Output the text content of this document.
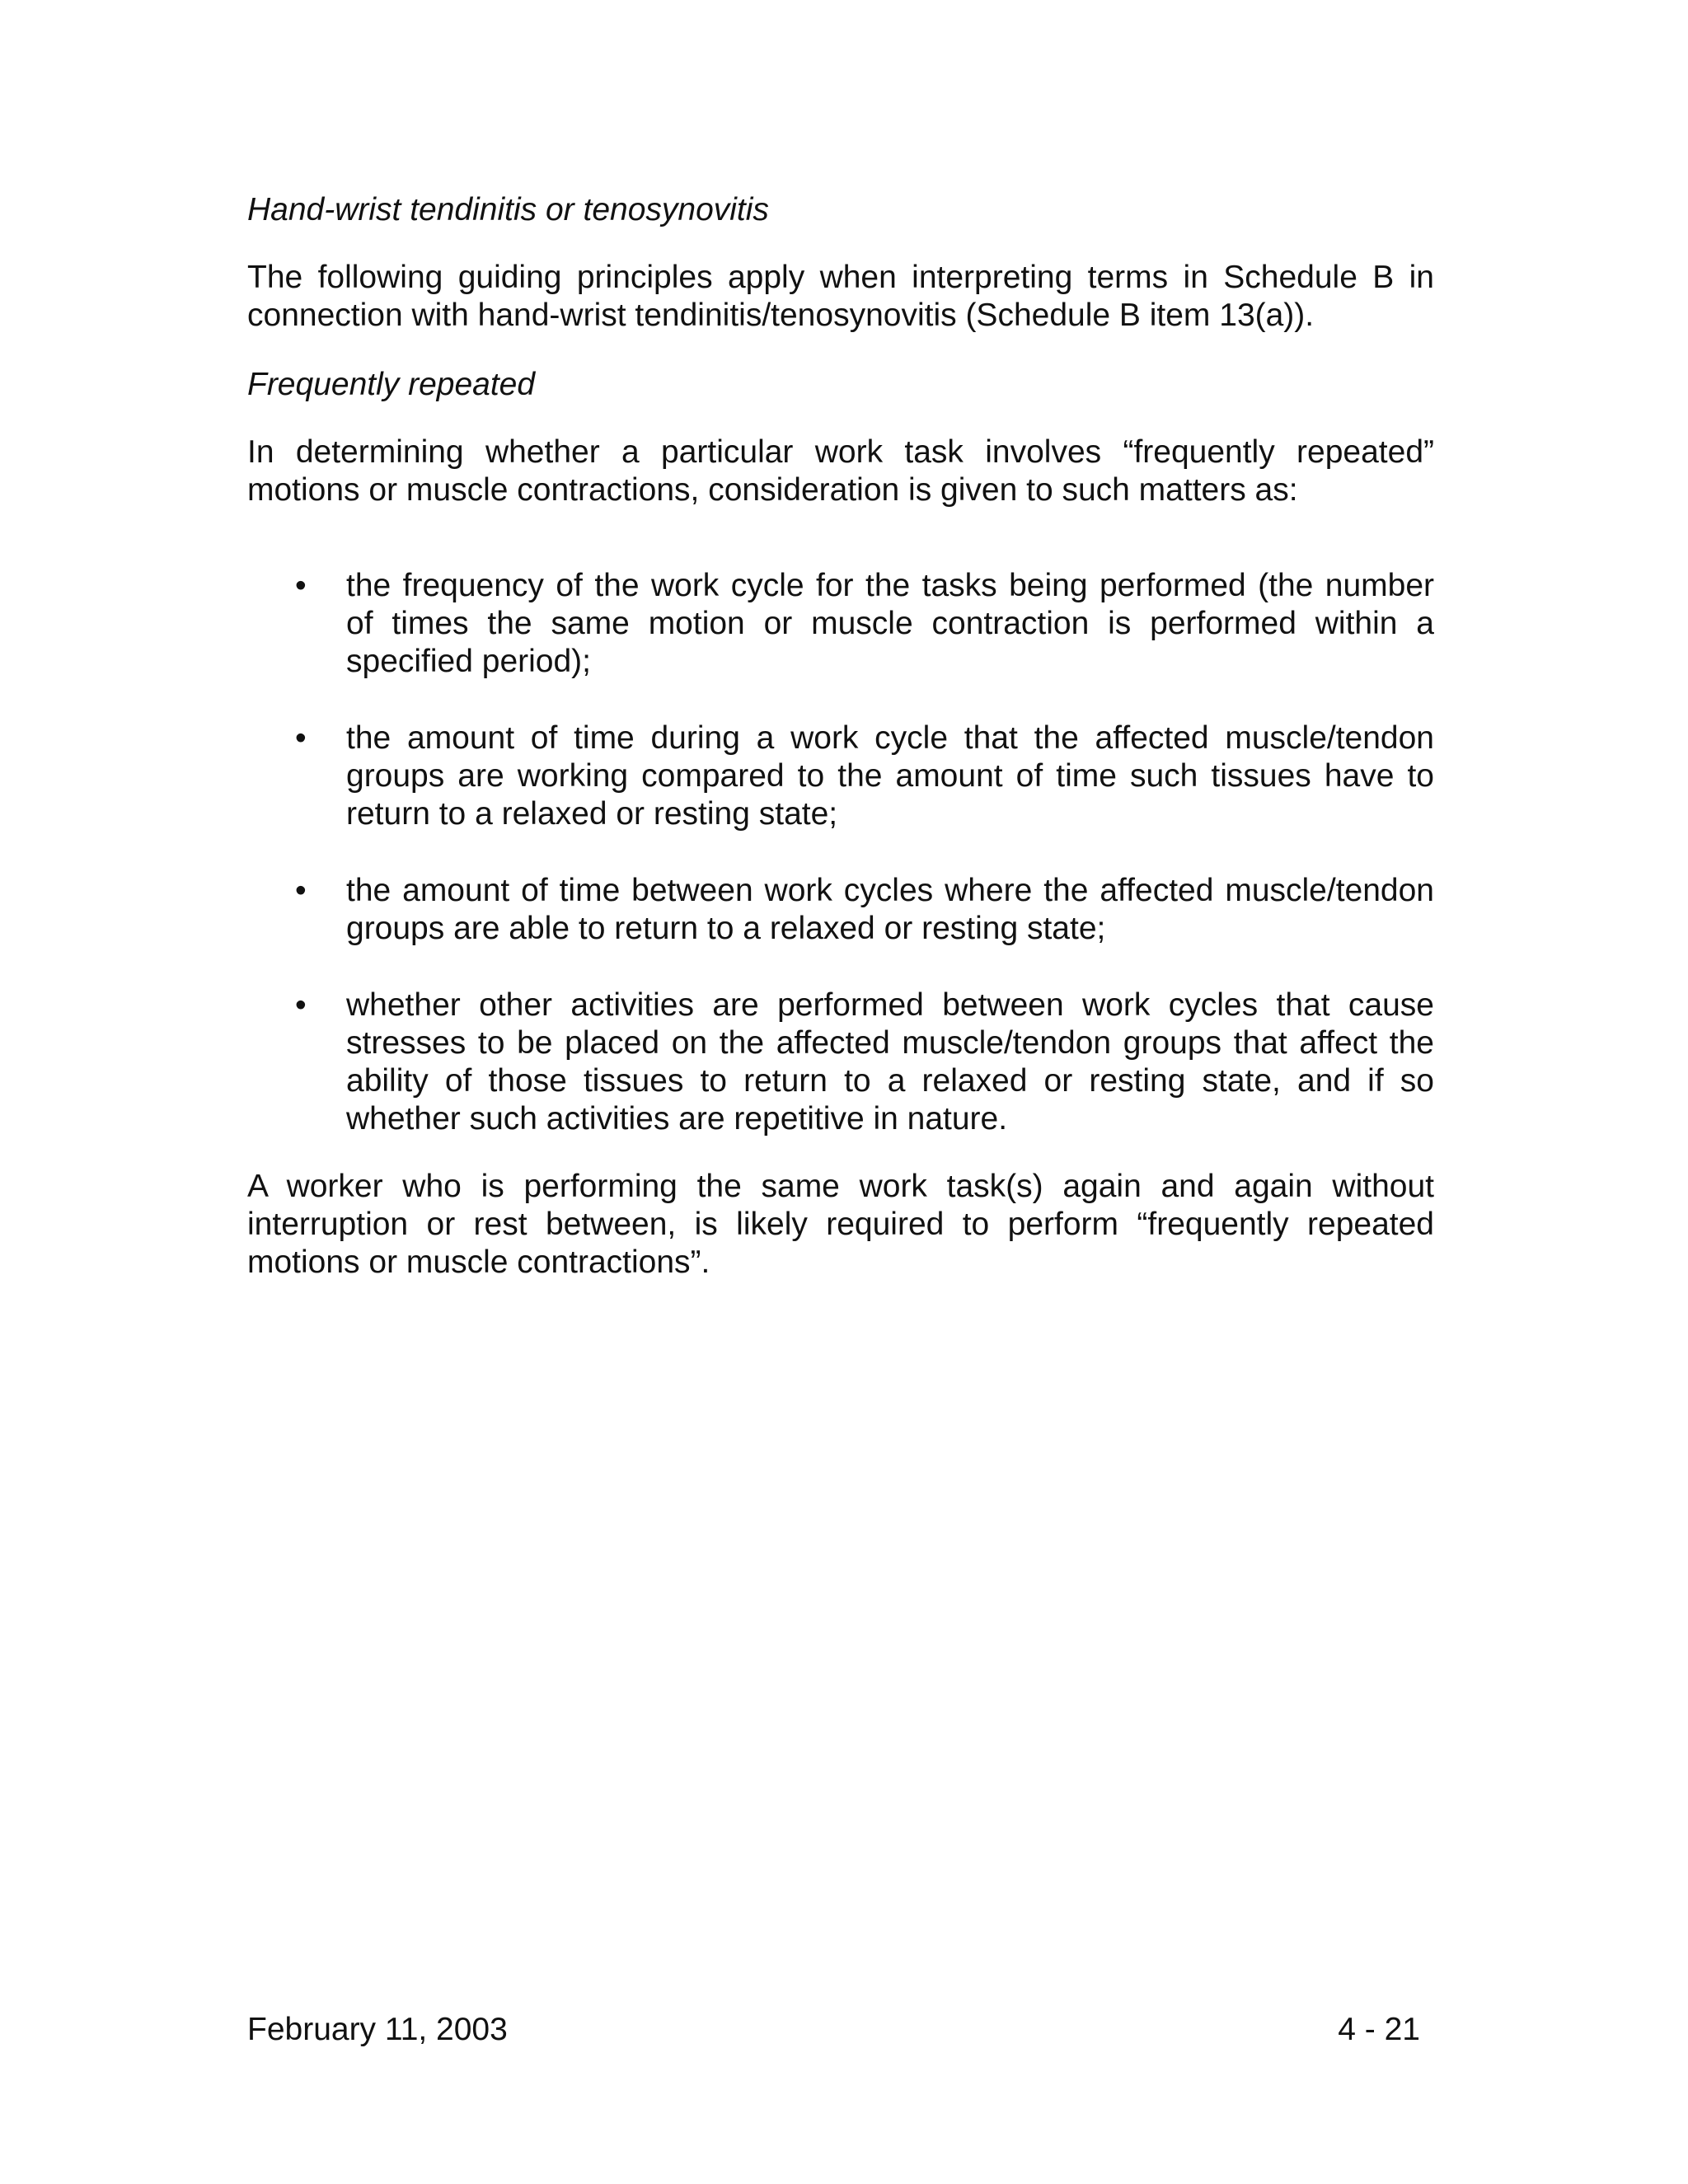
Hand-wrist tendinitis or tenosynovitis

The following guiding principles apply when interpreting terms in Schedule B in connection with hand-wrist tendinitis/tenosynovitis (Schedule B item 13(a)).

Frequently repeated

In determining whether a particular work task involves “frequently repeated” motions or muscle contractions, consideration is given to such matters as:

• the frequency of the work cycle for the tasks being performed (the number of times the same motion or muscle contraction is performed within a specified period);
• the amount of time during a work cycle that the affected muscle/tendon groups are working compared to the amount of time such tissues have to return to a relaxed or resting state;
• the amount of time between work cycles where the affected muscle/tendon groups are able to return to a relaxed or resting state;
• whether other activities are performed between work cycles that cause stresses to be placed on the affected muscle/tendon groups that affect the ability of those tissues to return to a relaxed or resting state, and if so whether such activities are repetitive in nature.

A worker who is performing the same work task(s) again and again without interruption or rest between, is likely required to perform “frequently repeated motions or muscle contractions”.

February 11, 2003	4 - 21
